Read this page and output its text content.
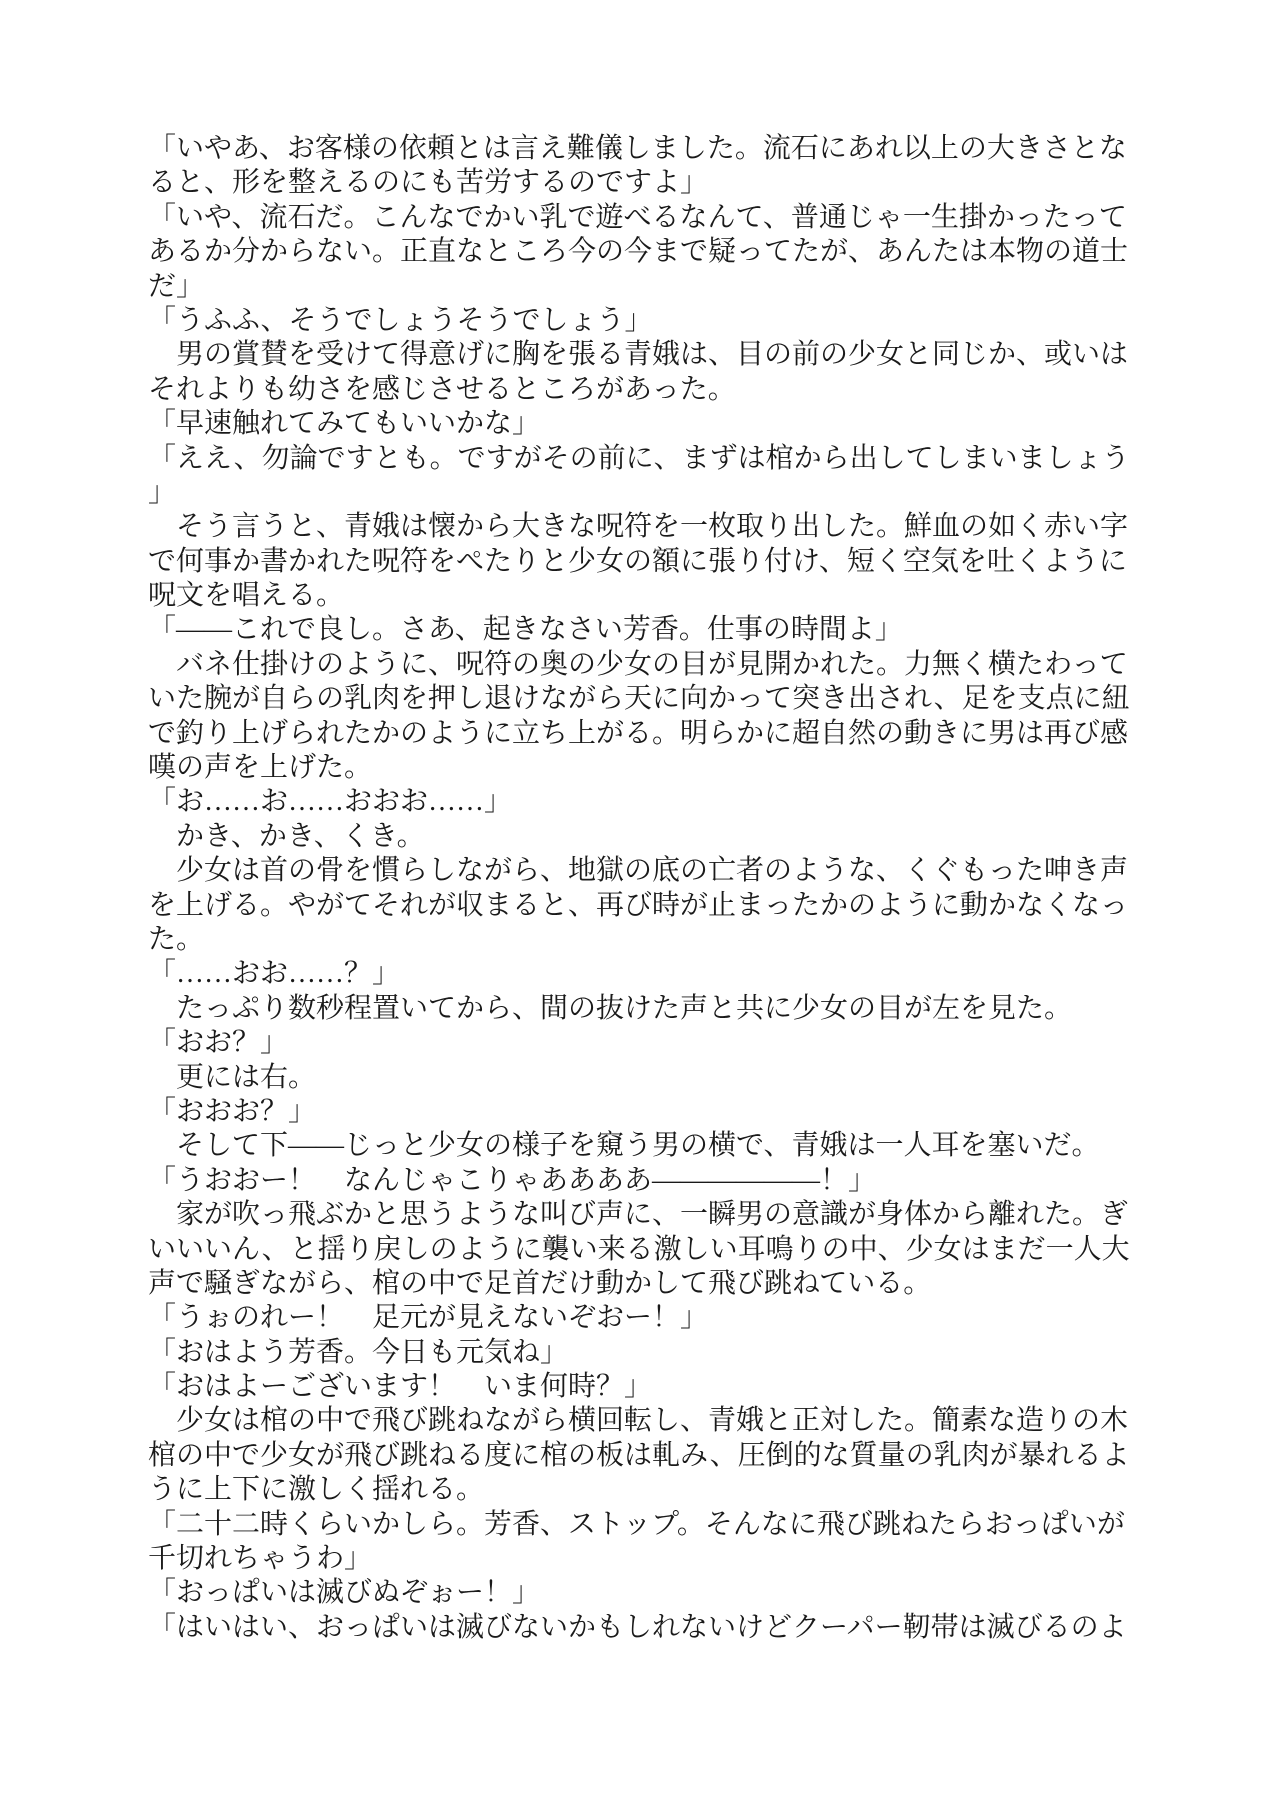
「いやあ、お客様の依頼とは言え難儀しました。流石にあれ以上の大きさとな
ると、形を整えるのにも苦労するのですよ」
「いや、流石だ。こんなでかい乳で遊べるなんて、普通じゃ一生掛かったって
あるか分からない。正直なところ今の今まで疑ってたが、あんたは本物の道士
だ」
「うふふ、そうでしょうそうでしょう」
　男の賞賛を受けて得意げに胸を張る青娥は、目の前の少女と同じか、或いは
それよりも幼さを感じさせるところがあった。
「早速触れてみてもいいかな」
「ええ、勿論ですとも。ですがその前に、まずは棺から出してしまいましょう
」
　そう言うと、青娥は懐から大きな呪符を一枚取り出した。鮮血の如く赤い字
で何事か書かれた呪符をぺたりと少女の額に張り付け、短く空気を吐くように
呪文を唱える。
「——これで良し。さあ、起きなさい芳香。仕事の時間よ」
　バネ仕掛けのように、呪符の奥の少女の目が見開かれた。力無く横たわって
いた腕が自らの乳肉を押し退けながら天に向かって突き出され、足を支点に紐
で釣り上げられたかのように立ち上がる。明らかに超自然の動きに男は再び感
嘆の声を上げた。
「お……お……おおお……」
　かき、かき、くき。
　少女は首の骨を慣らしながら、地獄の底の亡者のような、くぐもった呻き声
を上げる。やがてそれが収まると、再び時が止まったかのように動かなくなっ
た。
「……おお……？」
　たっぷり数秒程置いてから、間の抜けた声と共に少女の目が左を見た。
「おお？」
　更には右。
「おおお？」
　そして下——じっと少女の様子を窺う男の横で、青娥は一人耳を塞いだ。
「うおおー！　なんじゃこりゃああああ——————！」
　家が吹っ飛ぶかと思うような叫び声に、一瞬男の意識が身体から離れた。ぎ
いいいん、と揺り戻しのように襲い来る激しい耳鳴りの中、少女はまだ一人大
声で騒ぎながら、棺の中で足首だけ動かして飛び跳ねている。
「うぉのれー！　足元が見えないぞおー！」
「おはよう芳香。今日も元気ね」
「おはよーございます！　いま何時？」
　少女は棺の中で飛び跳ねながら横回転し、青娥と正対した。簡素な造りの木
棺の中で少女が飛び跳ねる度に棺の板は軋み、圧倒的な質量の乳肉が暴れるよ
うに上下に激しく揺れる。
「二十二時くらいかしら。芳香、ストップ。そんなに飛び跳ねたらおっぱいが
千切れちゃうわ」
「おっぱいは滅びぬぞぉー！」
「はいはい、おっぱいは滅びないかもしれないけどクーパー靭帯は滅びるのよ
